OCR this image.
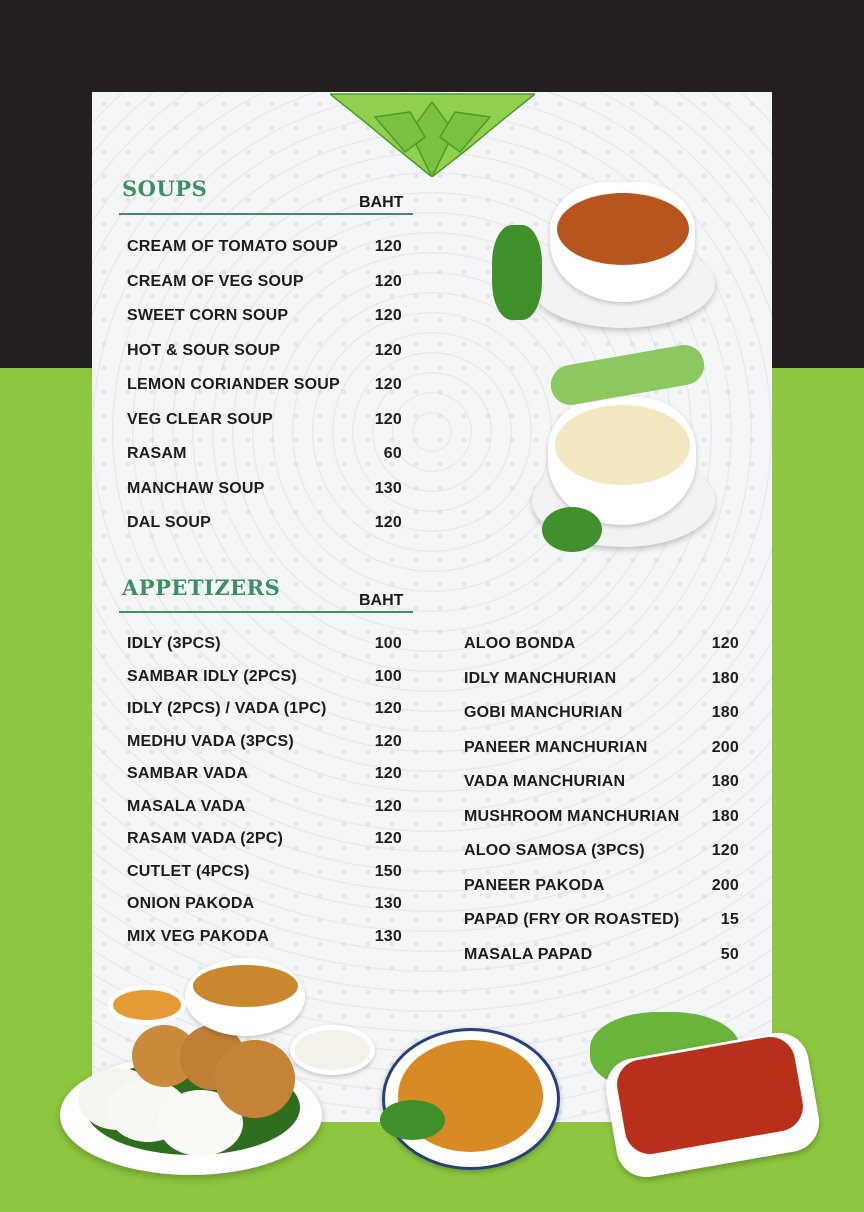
SOUPS
BAHT
CREAM OF TOMATO SOUP 120
CREAM OF VEG SOUP	120
SWEET CORN SOUP	120
HOT & SOUR SOUP	120
LEMON CORIANDER SOUP 120
VEG CLEAR SOUP	120
RASAM	60
MANCHAW SOUP	130
DAL SOUP	120
APPETIZERS
BAHT
IDLY (3PCS)	100
SAMBAR IDLY (2PCS)	100
IDLY (2PCS) / VADA (1PC)	120
MEDHU VADA (3PCS)	120
SAMBAR VADA	120
MASALA VADA	120
RASAM VADA (2PC)	120
CUTLET (4PCS)	150
ONION PAKODA	130
MIX VEG PAKODA	130
ALOO BONDA	120
IDLY MANCHURIAN	180
GOBI MANCHURIAN	180
PANEER MANCHURIAN	200
VADA MANCHURIAN	180
MUSHROOM MANCHURIAN 180
ALOO SAMOSA (3PCS)	120
PANEER PAKODA	200
PAPAD (FRY OR ROASTED)	15
MASALA PAPAD	50
